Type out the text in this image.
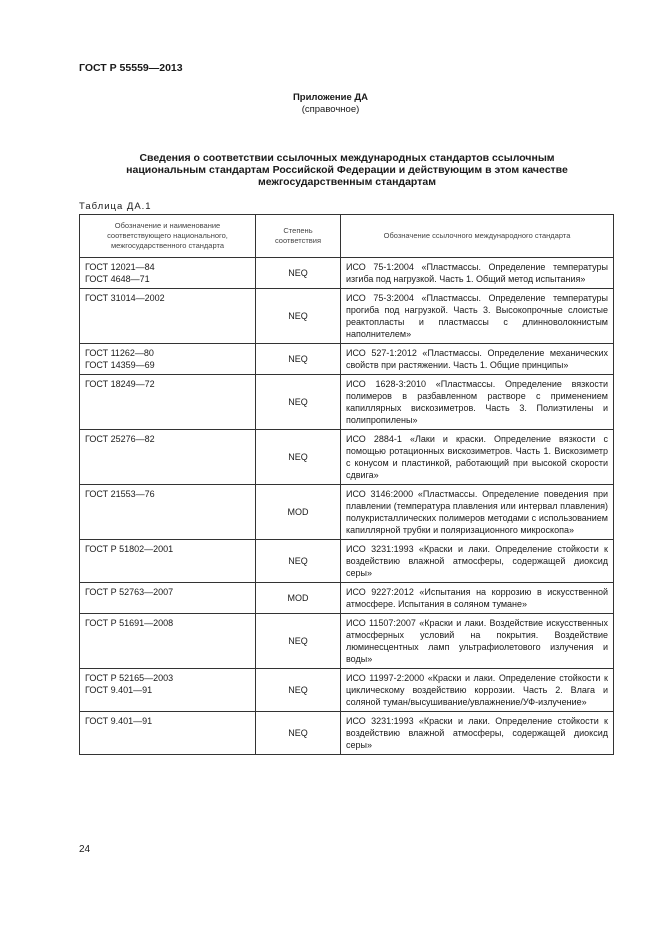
ГОСТ Р 55559—2013
Приложение ДА
(справочное)
Сведения о соответствии ссылочных международных стандартов ссылочным национальным стандартам Российской Федерации и действующим в этом качестве межгосударственным стандартам
Таблица ДА.1
Обозначение и наименование соответствующего национального, межгосударственного стандарта	Степень соответствия	Обозначение ссылочного международного стандарта

ГОСТ 12021—84
ГОСТ 4648—71	NEQ	ИСО 75-1:2004 «Пластмассы. Определение температуры изгиба под нагрузкой. Часть 1. Общий метод испытания»

ГОСТ 31014—2002	NEQ	ИСО 75-3:2004 «Пластмассы. Определение температуры прогиба под нагрузкой. Часть 3. Высокопрочные слоистые реактопласты и пластмассы с длинноволокнистым наполнителем»

ГОСТ 11262—80
ГОСТ 14359—69	NEQ	ИСО 527-1:2012 «Пластмассы. Определение механических свойств при растяжении. Часть 1. Общие принципы»

ГОСТ 18249—72	NEQ	ИСО 1628-3:2010 «Пластмассы. Определение вязкости полимеров в разбавленном растворе с применением капиллярных вискозиметров. Часть 3. Полиэтилены и полипропилены»

ГОСТ 25276—82	NEQ	ИСО 2884-1 «Лаки и краски. Определение вязкости с помощью ротационных вискозиметров. Часть 1. Вискозиметр с конусом и пластинкой, работающий при высокой скорости сдвига»

ГОСТ 21553—76	MOD	ИСО 3146:2000 «Пластмассы. Определение поведения при плавлении (температура плавления или интервал плавления) полукристаллических полимеров методами с использованием капиллярной трубки и поляризационного микроскопа»

ГОСТ Р 51802—2001	NEQ	ИСО 3231:1993 «Краски и лаки. Определение стойкости к воздействию влажной атмосферы, содержащей диоксид серы»

ГОСТ Р 52763—2007	MOD	ИСО 9227:2012 «Испытания на коррозию в искусственной атмосфере. Испытания в соляном тумане»

ГОСТ Р 51691—2008	NEQ	ИСО 11507:2007 «Краски и лаки. Воздействие искусственных атмосферных условий на покрытия. Воздействие люминесцентных ламп ультрафиолетового излучения и воды»

ГОСТ Р 52165—2003
ГОСТ 9.401—91	NEQ	ИСО 11997-2:2000 «Краски и лаки. Определение стойкости к циклическому воздействию коррозии. Часть 2. Влага и соляной туман/высушивание/увлажнение/УФ-излучение»

ГОСТ 9.401—91	NEQ	ИСО 3231:1993 «Краски и лаки. Определение стойкости к воздействию влажной атмосферы, содержащей диоксид серы»
24
